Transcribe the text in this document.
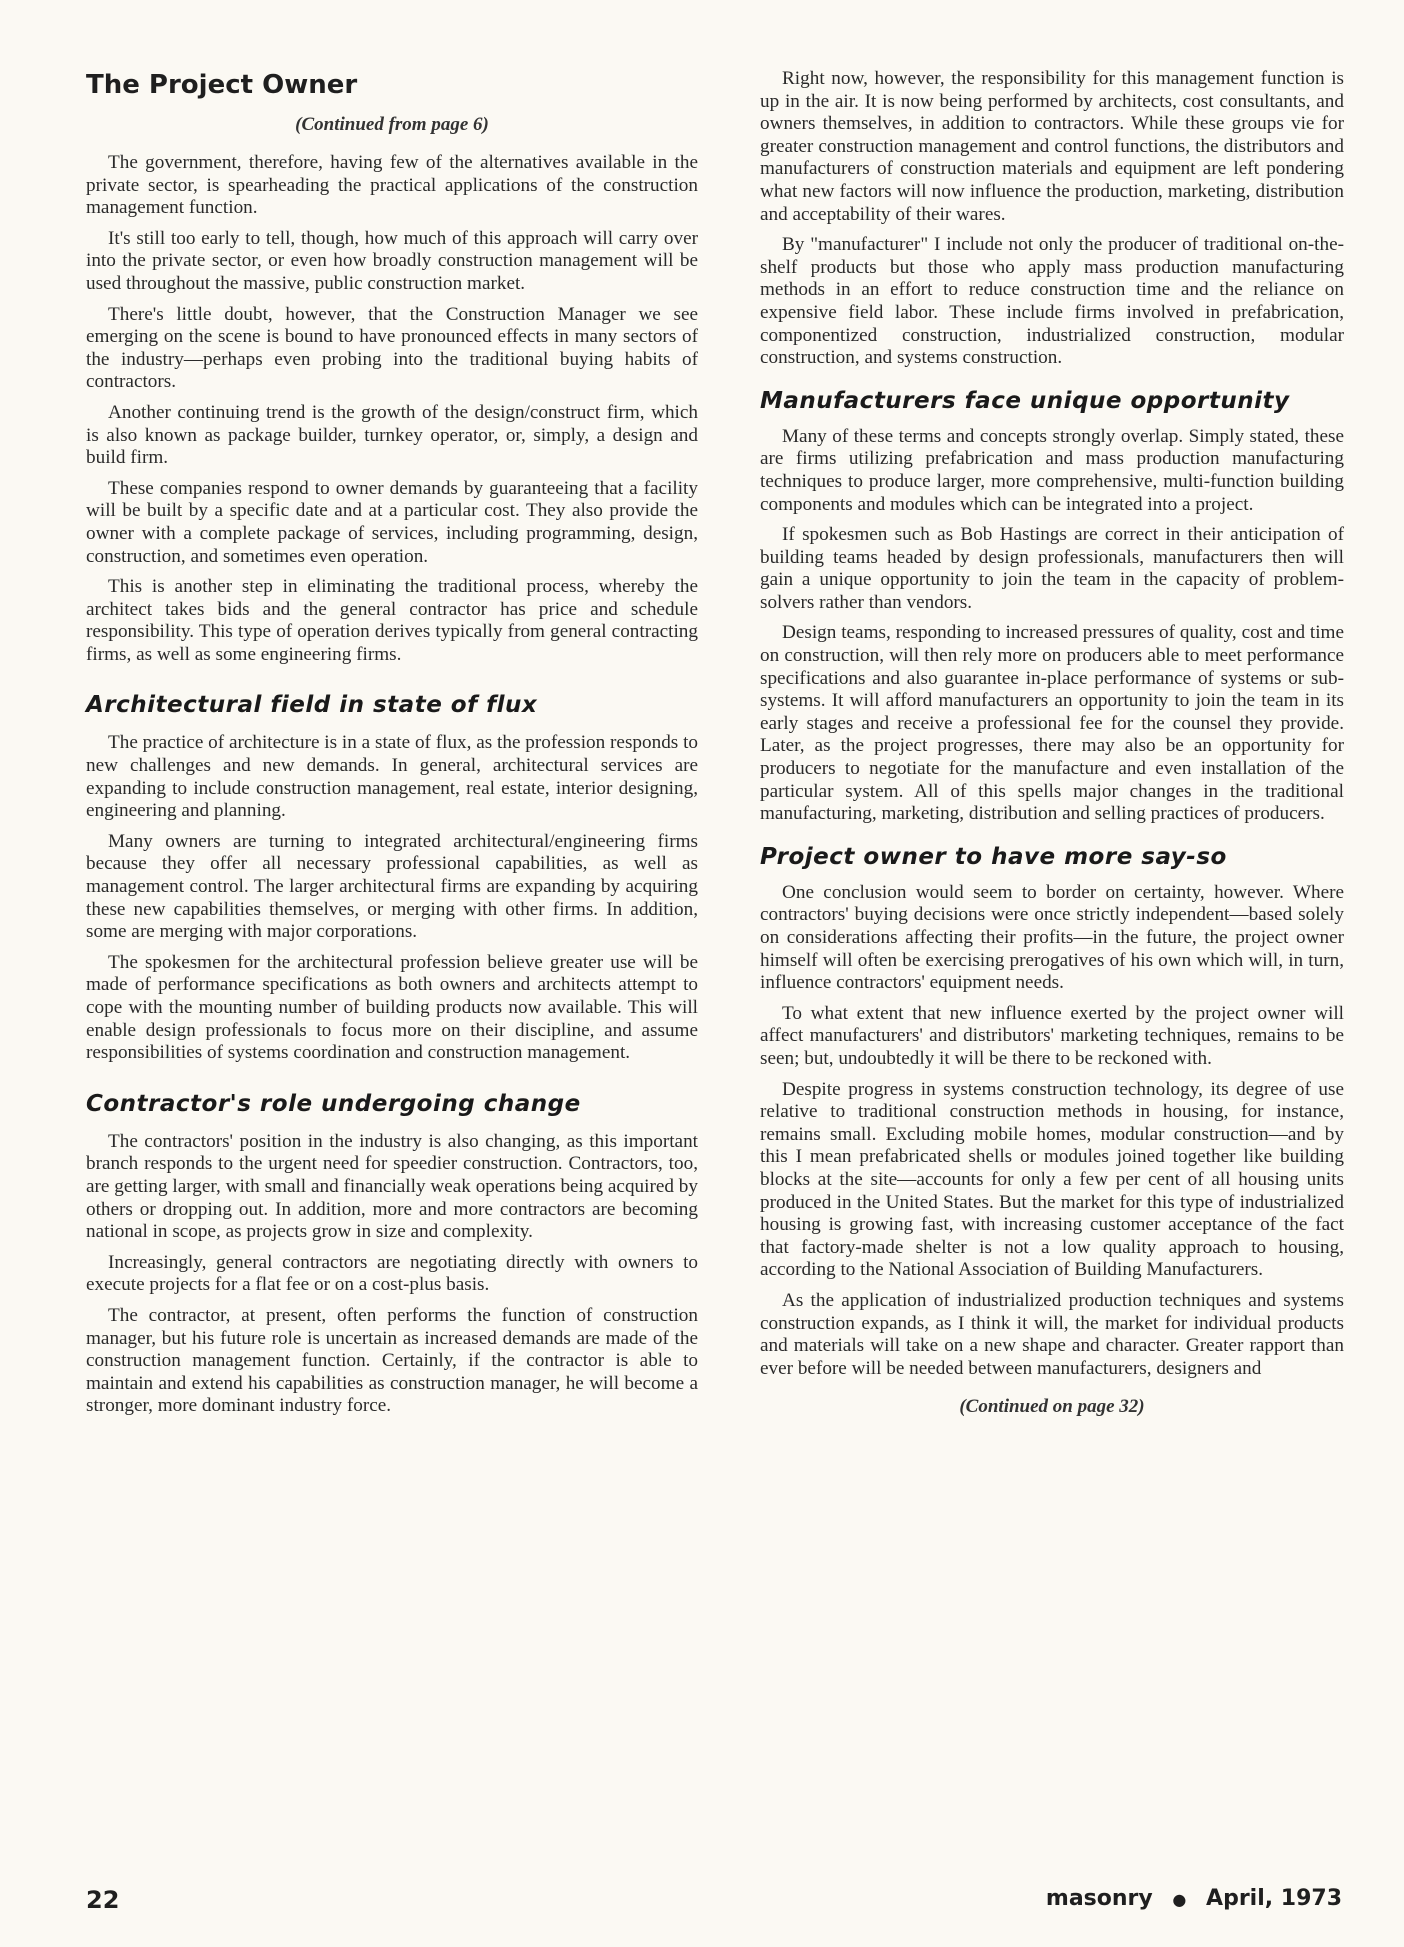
The Project Owner
(Continued from page 6)

The government, therefore, having few of the alternatives available in the private sector, is spearheading the practical applications of the construction management function.

It's still too early to tell, though, how much of this approach will carry over into the private sector, or even how broadly construction management will be used throughout the massive, public construction market.

There's little doubt, however, that the Construction Manager we see emerging on the scene is bound to have pronounced effects in many sectors of the industry—perhaps even probing into the traditional buying habits of contractors.

Another continuing trend is the growth of the design/construct firm, which is also known as package builder, turnkey operator, or, simply, a design and build firm.

These companies respond to owner demands by guaranteeing that a facility will be built by a specific date and at a particular cost. They also provide the owner with a complete package of services, including programming, design, construction, and sometimes even operation.

This is another step in eliminating the traditional process, whereby the architect takes bids and the general contractor has price and schedule responsibility. This type of operation derives typically from general contracting firms, as well as some engineering firms.

Architectural field in state of flux

The practice of architecture is in a state of flux, as the profession responds to new challenges and new demands. In general, architectural services are expanding to include construction management, real estate, interior designing, engineering and planning.

Many owners are turning to integrated architectural/engineering firms because they offer all necessary professional capabilities, as well as management control. The larger architectural firms are expanding by acquiring these new capabilities themselves, or merging with other firms. In addition, some are merging with major corporations.

The spokesmen for the architectural profession believe greater use will be made of performance specifications as both owners and architects attempt to cope with the mounting number of building products now available. This will enable design professionals to focus more on their discipline, and assume responsibilities of systems coordination and construction management.

Contractor's role undergoing change

The contractors' position in the industry is also changing, as this important branch responds to the urgent need for speedier construction. Contractors, too, are getting larger, with small and financially weak operations being acquired by others or dropping out. In addition, more and more contractors are becoming national in scope, as projects grow in size and complexity.

Increasingly, general contractors are negotiating directly with owners to execute projects for a flat fee or on a cost-plus basis.

The contractor, at present, often performs the function of construction manager, but his future role is uncertain as increased demands are made of the construction management function. Certainly, if the contractor is able to maintain and extend his capabilities as construction manager, he will become a stronger, more dominant industry force.

Right now, however, the responsibility for this management function is up in the air. It is now being performed by architects, cost consultants, and owners themselves, in addition to contractors. While these groups vie for greater construction management and control functions, the distributors and manufacturers of construction materials and equipment are left pondering what new factors will now influence the production, marketing, distribution and acceptability of their wares.

By "manufacturer" I include not only the producer of traditional on-the-shelf products but those who apply mass production manufacturing methods in an effort to reduce construction time and the reliance on expensive field labor. These include firms involved in prefabrication, componentized construction, industrialized construction, modular construction, and systems construction.

Manufacturers face unique opportunity

Many of these terms and concepts strongly overlap. Simply stated, these are firms utilizing prefabrication and mass production manufacturing techniques to produce larger, more comprehensive, multi-function building components and modules which can be integrated into a project.

If spokesmen such as Bob Hastings are correct in their anticipation of building teams headed by design professionals, manufacturers then will gain a unique opportunity to join the team in the capacity of problem-solvers rather than vendors.

Design teams, responding to increased pressures of quality, cost and time on construction, will then rely more on producers able to meet performance specifications and also guarantee in-place performance of systems or sub-systems. It will afford manufacturers an opportunity to join the team in its early stages and receive a professional fee for the counsel they provide. Later, as the project progresses, there may also be an opportunity for producers to negotiate for the manufacture and even installation of the particular system. All of this spells major changes in the traditional manufacturing, marketing, distribution and selling practices of producers.

Project owner to have more say-so

One conclusion would seem to border on certainty, however. Where contractors' buying decisions were once strictly independent—based solely on considerations affecting their profits—in the future, the project owner himself will often be exercising prerogatives of his own which will, in turn, influence contractors' equipment needs.

To what extent that new influence exerted by the project owner will affect manufacturers' and distributors' marketing techniques, remains to be seen; but, undoubtedly it will be there to be reckoned with.

Despite progress in systems construction technology, its degree of use relative to traditional construction methods in housing, for instance, remains small. Excluding mobile homes, modular construction—and by this I mean prefabricated shells or modules joined together like building blocks at the site—accounts for only a few per cent of all housing units produced in the United States. But the market for this type of industrialized housing is growing fast, with increasing customer acceptance of the fact that factory-made shelter is not a low quality approach to housing, according to the National Association of Building Manufacturers.

As the application of industrialized production techniques and systems construction expands, as I think it will, the market for individual products and materials will take on a new shape and character. Greater rapport than ever before will be needed between manufacturers, designers and

(Continued on page 32)
22	masonry ● April, 1973
